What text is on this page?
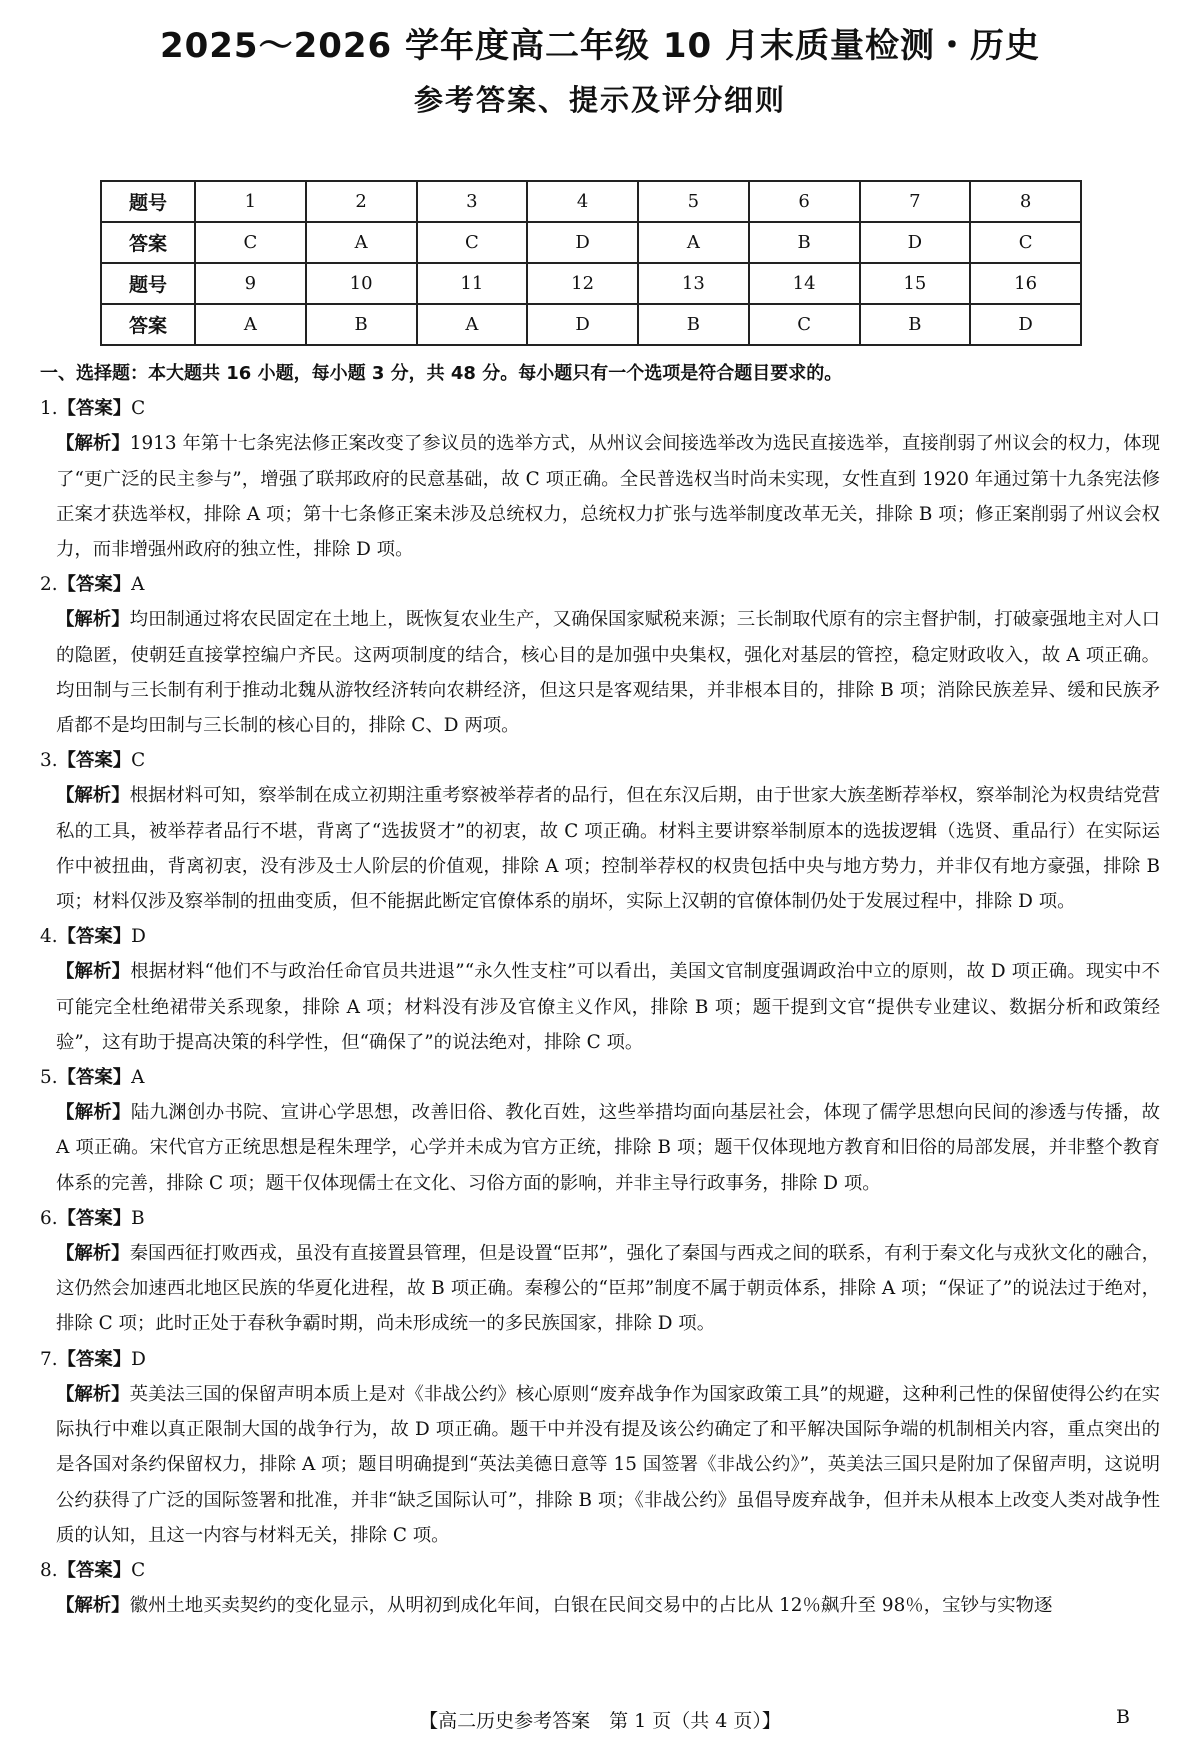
2025～2026 学年度高二年级 10 月末质量检测・历史
参考答案、提示及评分细则
题号	1	2	3	4	5	6	7	8
答案	C	A	C	D	A	B	D	C
题号	9	10	11	12	13	14	15	16
答案	A	B	A	D	B	C	B	D
一、选择题：本大题共 16 小题，每小题 3 分，共 48 分。每小题只有一个选项是符合题目要求的。
1.【答案】C
【解析】1913 年第十七条宪法修正案改变了参议员的选举方式，从州议会间接选举改为选民直接选举，直接削弱了州议会的权力，体现了“更广泛的民主参与”，增强了联邦政府的民意基础，故 C 项正确。全民普选权当时尚未实现，女性直到 1920 年通过第十九条宪法修正案才获选举权，排除 A 项；第十七条修正案未涉及总统权力，总统权力扩张与选举制度改革无关，排除 B 项；修正案削弱了州议会权力，而非增强州政府的独立性，排除 D 项。
2.【答案】A
【解析】均田制通过将农民固定在土地上，既恢复农业生产，又确保国家赋税来源；三长制取代原有的宗主督护制，打破豪强地主对人口的隐匿，使朝廷直接掌控编户齐民。这两项制度的结合，核心目的是加强中央集权，强化对基层的管控，稳定财政收入，故 A 项正确。均田制与三长制有利于推动北魏从游牧经济转向农耕经济，但这只是客观结果，并非根本目的，排除 B 项；消除民族差异、缓和民族矛盾都不是均田制与三长制的核心目的，排除 C、D 两项。
3.【答案】C
【解析】根据材料可知，察举制在成立初期注重考察被举荐者的品行，但在东汉后期，由于世家大族垄断荐举权，察举制沦为权贵结党营私的工具，被举荐者品行不堪，背离了“选拔贤才”的初衷，故 C 项正确。材料主要讲察举制原本的选拔逻辑（选贤、重品行）在实际运作中被扭曲，背离初衷，没有涉及士人阶层的价值观，排除 A 项；控制举荐权的权贵包括中央与地方势力，并非仅有地方豪强，排除 B 项；材料仅涉及察举制的扭曲变质，但不能据此断定官僚体系的崩坏，实际上汉朝的官僚体制仍处于发展过程中，排除 D 项。
4.【答案】D
【解析】根据材料“他们不与政治任命官员共进退”“永久性支柱”可以看出，美国文官制度强调政治中立的原则，故 D 项正确。现实中不可能完全杜绝裙带关系现象，排除 A 项；材料没有涉及官僚主义作风，排除 B 项；题干提到文官“提供专业建议、数据分析和政策经验”，这有助于提高决策的科学性，但“确保了”的说法绝对，排除 C 项。
5.【答案】A
【解析】陆九渊创办书院、宣讲心学思想，改善旧俗、教化百姓，这些举措均面向基层社会，体现了儒学思想向民间的渗透与传播，故 A 项正确。宋代官方正统思想是程朱理学，心学并未成为官方正统，排除 B 项；题干仅体现地方教育和旧俗的局部发展，并非整个教育体系的完善，排除 C 项；题干仅体现儒士在文化、习俗方面的影响，并非主导行政事务，排除 D 项。
6.【答案】B
【解析】秦国西征打败西戎，虽没有直接置县管理，但是设置“臣邦”，强化了秦国与西戎之间的联系，有利于秦文化与戎狄文化的融合，这仍然会加速西北地区民族的华夏化进程，故 B 项正确。秦穆公的“臣邦”制度不属于朝贡体系，排除 A 项；“保证了”的说法过于绝对，排除 C 项；此时正处于春秋争霸时期，尚未形成统一的多民族国家，排除 D 项。
7.【答案】D
【解析】英美法三国的保留声明本质上是对《非战公约》核心原则“废弃战争作为国家政策工具”的规避，这种利己性的保留使得公约在实际执行中难以真正限制大国的战争行为，故 D 项正确。题干中并没有提及该公约确定了和平解决国际争端的机制相关内容，重点突出的是各国对条约保留权力，排除 A 项；题目明确提到“英法美德日意等 15 国签署《非战公约》”，英美法三国只是附加了保留声明，这说明公约获得了广泛的国际签署和批准，并非“缺乏国际认可”，排除 B 项；《非战公约》虽倡导废弃战争，但并未从根本上改变人类对战争性质的认知，且这一内容与材料无关，排除 C 项。
8.【答案】C
【解析】徽州土地买卖契约的变化显示，从明初到成化年间，白银在民间交易中的占比从 12％飙升至 98％，宝钞与实物逐
【高二历史参考答案　第 1 页（共 4 页）】	B
